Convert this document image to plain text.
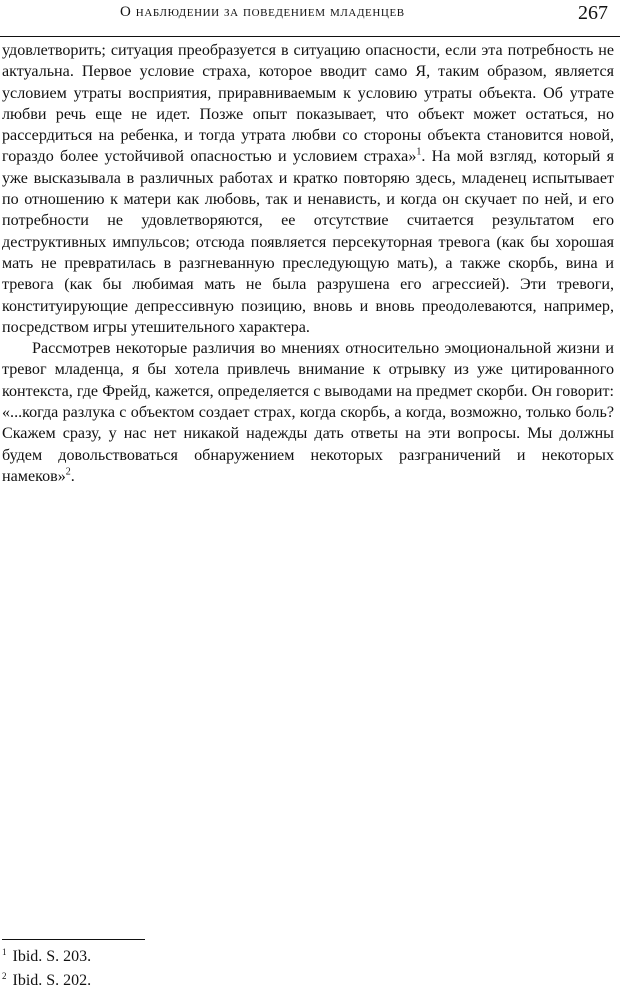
О наблюдении за поведением младенцев	267

удовлетворить; ситуация преобразуется в ситуацию опасности, если эта потребность не актуальна. Первое условие страха, которое вводит само Я, таким образом, является условием утраты восприятия, приравниваемым к условию утраты объекта. Об утрате любви речь еще не идет. Позже опыт показывает, что объект может остаться, но рассердиться на ребенка, и тогда утрата любви со стороны объекта становится новой, гораздо более устойчивой опасностью и условием страха»$^1$. На мой взгляд, который я уже высказывала в различных работах и кратко повторяю здесь, младенец испытывает по отношению к матери как любовь, так и ненависть, и когда он скучает по ней, и его потребности не удовлетворяются, ее отсутствие считается результатом его деструктивных импульсов; отсюда появляется персекуторная тревога (как бы хорошая мать не превратилась в разгневанную преследующую мать), а также скорбь, вина и тревога (как бы любимая мать не была разрушена его агрессией). Эти тревоги, конституирующие депрессивную позицию, вновь и вновь преодолеваются, например, посредством игры утешительного характера.

Рассмотрев некоторые различия во мнениях относительно эмоциональной жизни и тревог младенца, я бы хотела привлечь внимание к отрывку из уже цитированного контекста, где Фрейд, кажется, определяется с выводами на предмет скорби. Он говорит: «...когда разлука с объектом создает страх, когда скорбь, а когда, возможно, только боль? Скажем сразу, у нас нет никакой надежды дать ответы на эти вопросы. Мы должны будем довольствоваться обнаружением некоторых разграничений и некоторых намеков»$^2$.

$^1$ Ibid. S. 203.
$^2$ Ibid. S. 202.
